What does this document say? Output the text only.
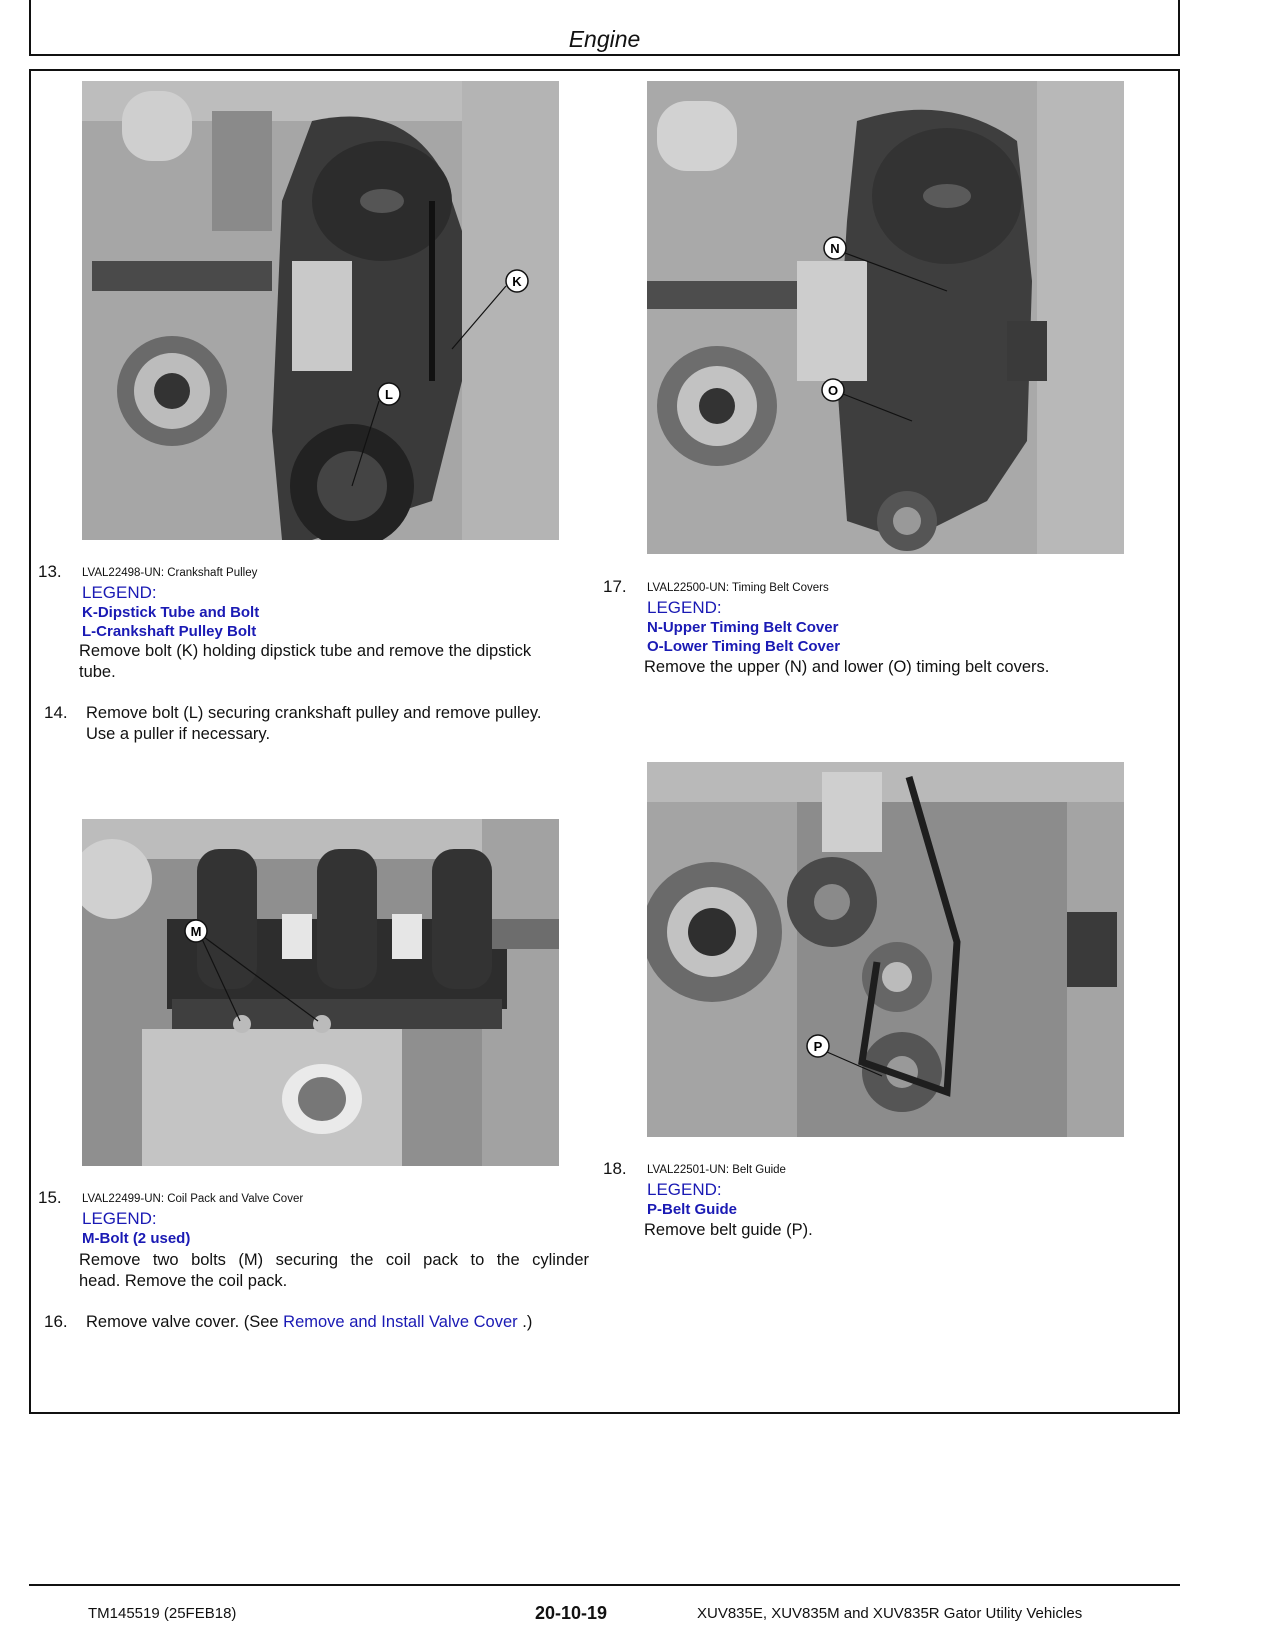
Engine
K
L
N
O
M
P
13. LVAL22498-UN: Crankshaft Pulley
LEGEND:
K-Dipstick Tube and Bolt
L-Crankshaft Pulley Bolt
Remove bolt (K) holding dipstick tube and remove the dipstick
tube.
14. Remove bolt (L) securing crankshaft pulley and remove pulley.
Use a puller if necessary.
15. LVAL22499-UN: Coil Pack and Valve Cover
LEGEND:
M-Bolt (2 used)
Remove two bolts (M) securing the coil pack to the cylinder
head. Remove the coil pack.
16. Remove valve cover. (See Remove and Install Valve Cover .)
17. LVAL22500-UN: Timing Belt Covers
LEGEND:
N-Upper Timing Belt Cover
O-Lower Timing Belt Cover
Remove the upper (N) and lower (O) timing belt covers.
18. LVAL22501-UN: Belt Guide
LEGEND:
P-Belt Guide
Remove belt guide (P).
TM145519 (25FEB18)	20-10-19	XUV835E, XUV835M and XUV835R Gator Utility Vehicles
